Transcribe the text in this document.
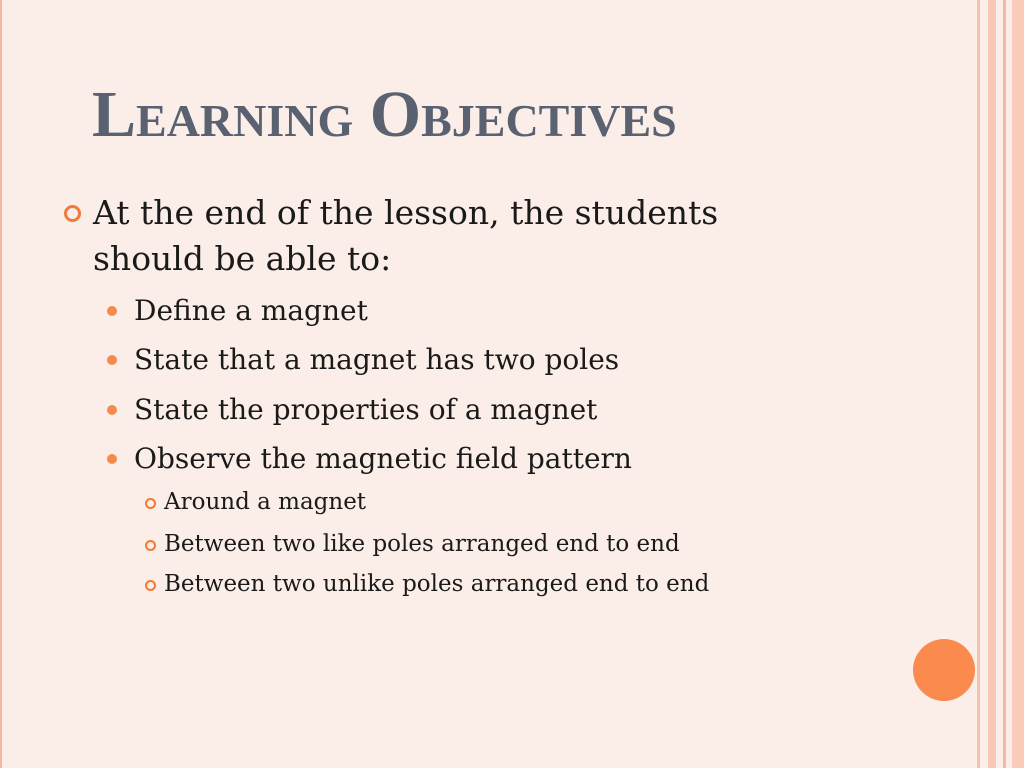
Learning Objectives
At the end of the lesson, the students should be able to:
Define a magnet
State that a magnet has two poles
State the properties of a magnet
Observe the magnetic field pattern
Around a magnet
Between two like poles arranged end to end
Between two unlike poles arranged end to end
